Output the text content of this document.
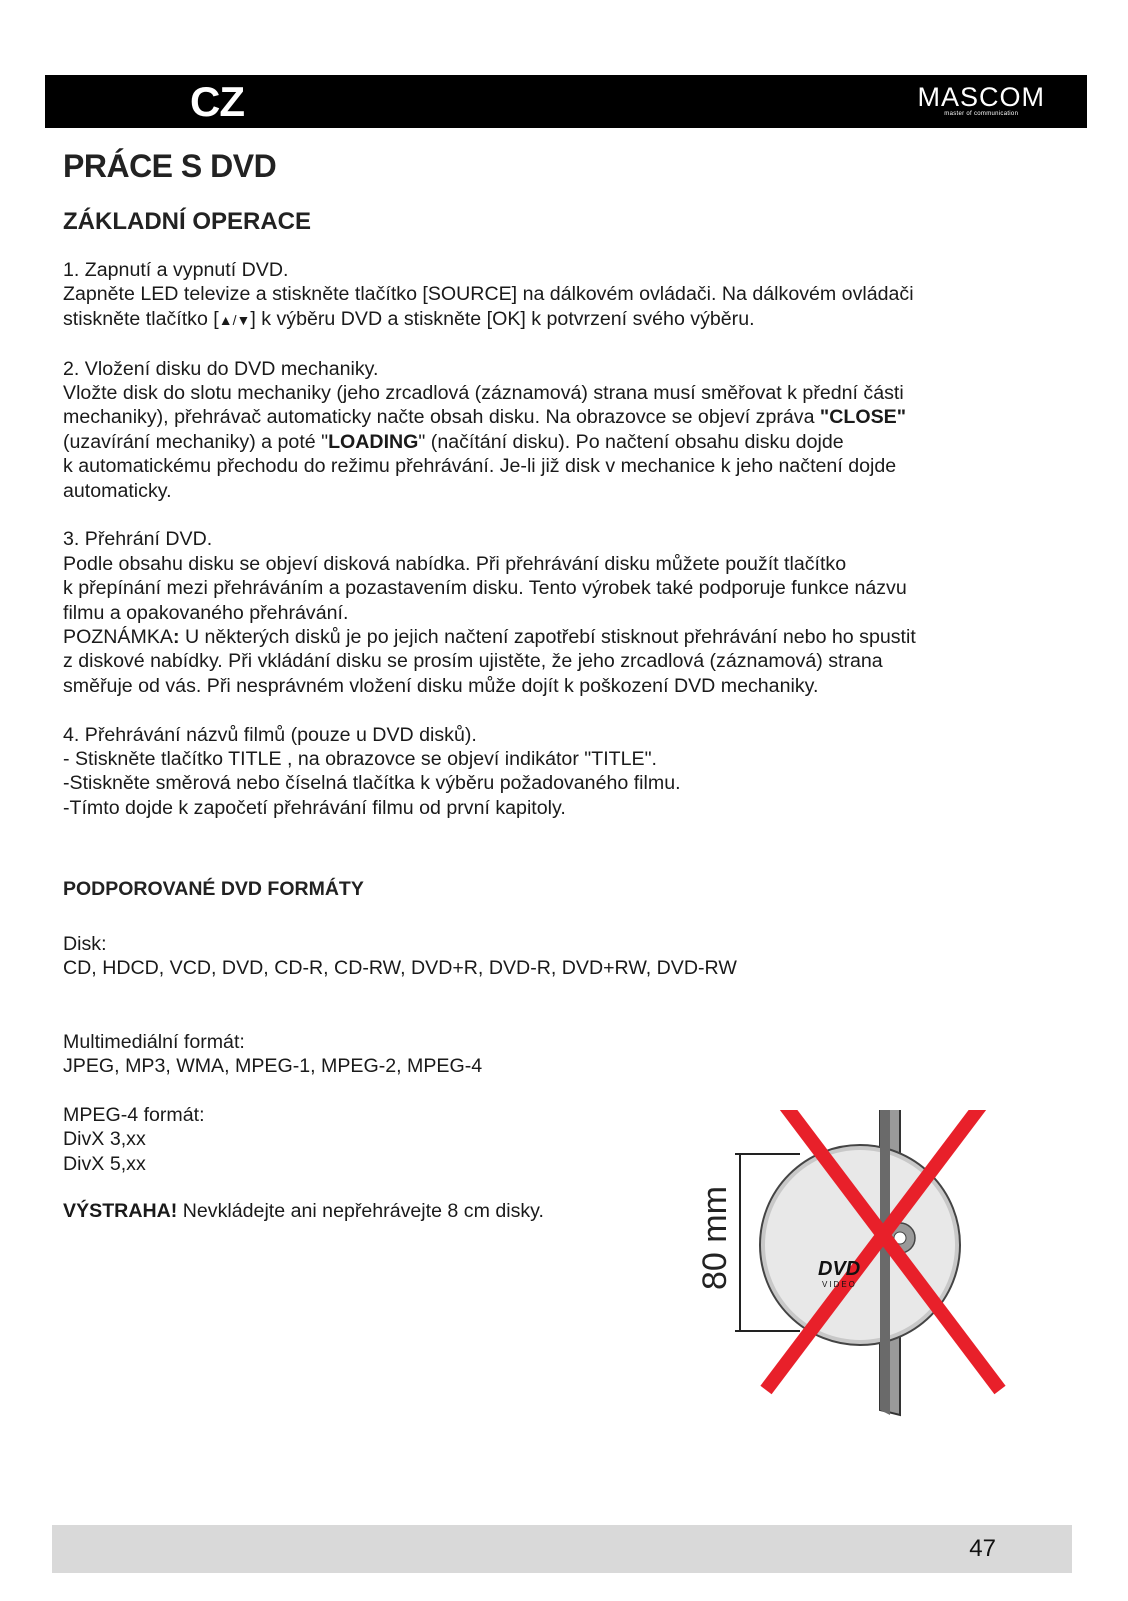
CZ	MASCOM
master of communication
PRÁCE S DVD
ZÁKLADNÍ OPERACE

1. Zapnutí a vypnutí DVD.
Zapněte LED televize a stiskněte tlačítko [SOURCE] na dálkovém ovládači. Na dálkovém ovládači
stiskněte tlačítko [▲/▼] k výběru DVD a stiskněte [OK] k potvrzení svého výběru.

2. Vložení disku do DVD mechaniky.
Vložte disk do slotu mechaniky (jeho zrcadlová (záznamová) strana musí směřovat k přední části
mechaniky), přehrávač automaticky načte obsah disku. Na obrazovce se objeví zpráva "CLOSE"
(uzavírání mechaniky) a poté "LOADING" (načítání disku). Po načtení obsahu disku dojde
k automatickému přechodu do režimu přehrávání. Je-li již disk v mechanice k jeho načtení dojde
automaticky.

3. Přehrání DVD.
Podle obsahu disku se objeví disková nabídka. Při přehrávání disku můžete použít tlačítko
k přepínání mezi přehráváním a pozastavením disku. Tento výrobek také podporuje funkce názvu
filmu a opakovaného přehrávání.
POZNÁMKA: U některých disků je po jejich načtení zapotřebí stisknout přehrávání nebo ho spustit
z diskové nabídky. Při vkládání disku se prosím ujistěte, že jeho zrcadlová (záznamová) strana
směřuje od vás. Při nesprávném vložení disku může dojít k poškození DVD mechaniky.

4. Přehrávání názvů filmů (pouze u DVD disků).
- Stiskněte tlačítko TITLE , na obrazovce se objeví indikátor "TITLE".
-Stiskněte směrová nebo číselná tlačítka k výběru požadovaného filmu.
-Tímto dojde k započetí přehrávání filmu od první kapitoly.

PODPOROVANÉ DVD FORMÁTY
Disk:
CD, HDCD, VCD, DVD, CD-R, CD-RW, DVD+R, DVD-R, DVD+RW, DVD-RW
Multimediální formát:
JPEG, MP3, WMA, MPEG-1, MPEG-2, MPEG-4
MPEG-4 formát:
DivX 3,xx
DivX 5,xx
VÝSTRAHA! Nevkládejte ani nepřehrávejte 8 cm disky.	80 mm	DVD
VIDEO
47
